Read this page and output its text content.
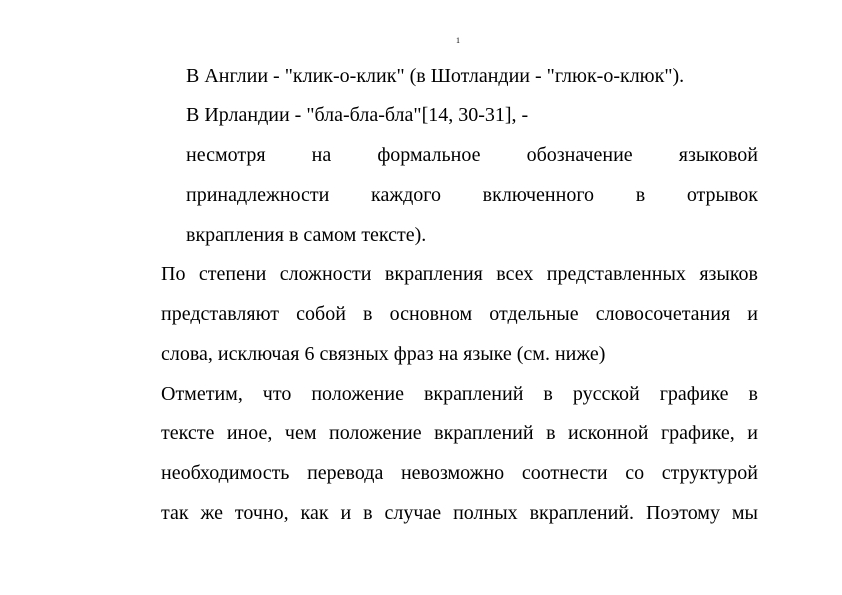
1
В Англии - "клик-о-клик" (в Шотландии - "глюк-о-клюк").
В Ирландии - "бла-бла-бла"[14, 30-31], -
несмотря на формальное обозначение языковой
принадлежности каждого включенного в отрывок
вкрапления в самом тексте).
По степени сложности вкрапления всех представленных языков
представляют собой в основном отдельные словосочетания и
слова, исключая 6 связных фраз на языке (см. ниже)
Отметим, что положение вкраплений в русской графике в
тексте иное, чем положение вкраплений в исконной графике, и
необходимость перевода невозможно соотнести со структурой
так же точно, как и в случае полных вкраплений. Поэтому мы
